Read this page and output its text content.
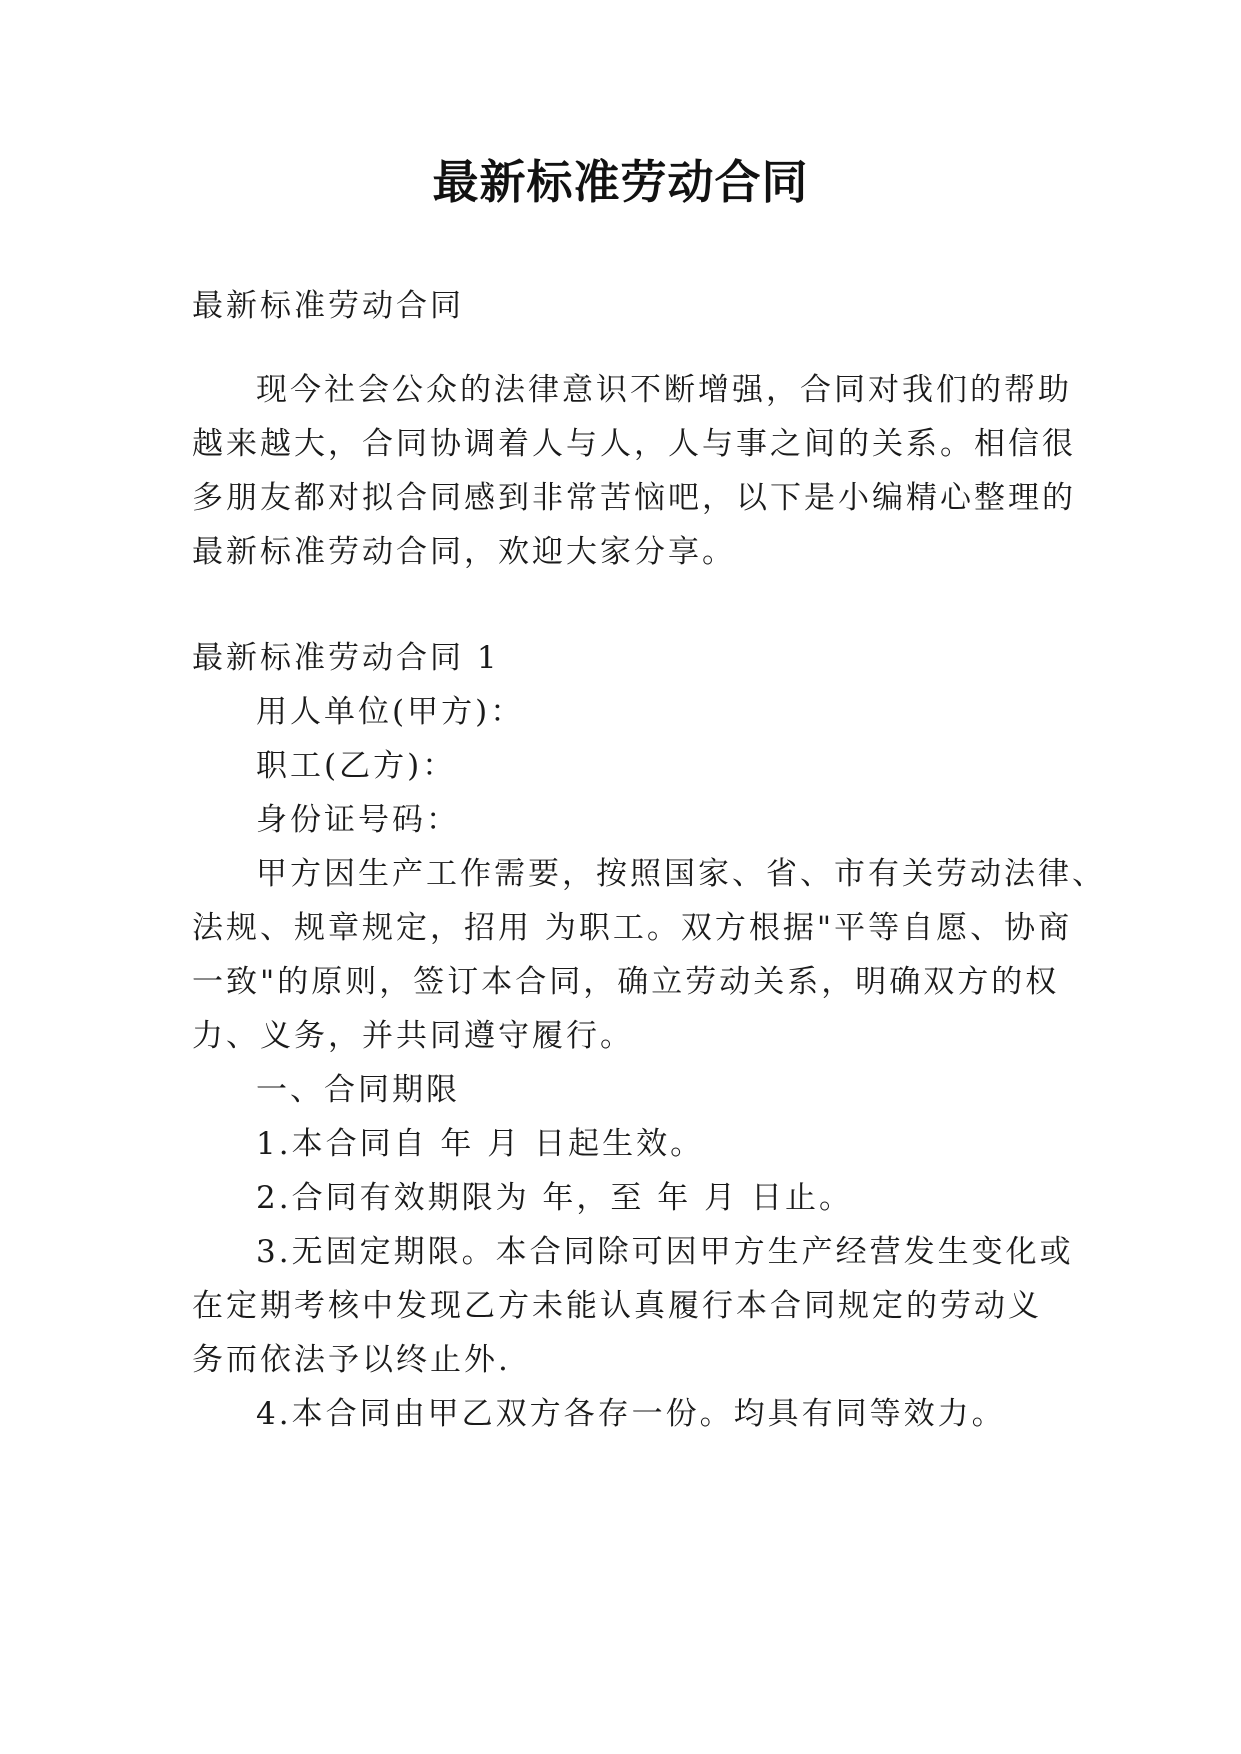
最新标准劳动合同
最新标准劳动合同
现今社会公众的法律意识不断增强，合同对我们的帮助
越来越大，合同协调着人与人，人与事之间的关系。相信很
多朋友都对拟合同感到非常苦恼吧，以下是小编精心整理的
最新标准劳动合同，欢迎大家分享。
最新标准劳动合同 1
用人单位(甲方)：
职工(乙方)：
身份证号码：
甲方因生产工作需要，按照国家、省、市有关劳动法律、
法规、规章规定，招用 为职工。双方根据"平等自愿、协商
一致"的原则，签订本合同，确立劳动关系，明确双方的权
力、义务，并共同遵守履行。
一、合同期限
1.本合同自 年 月 日起生效。
2.合同有效期限为 年，至 年 月 日止。
3.无固定期限。本合同除可因甲方生产经营发生变化或
在定期考核中发现乙方未能认真履行本合同规定的劳动义
务而依法予以终止外.
4.本合同由甲乙双方各存一份。均具有同等效力。
